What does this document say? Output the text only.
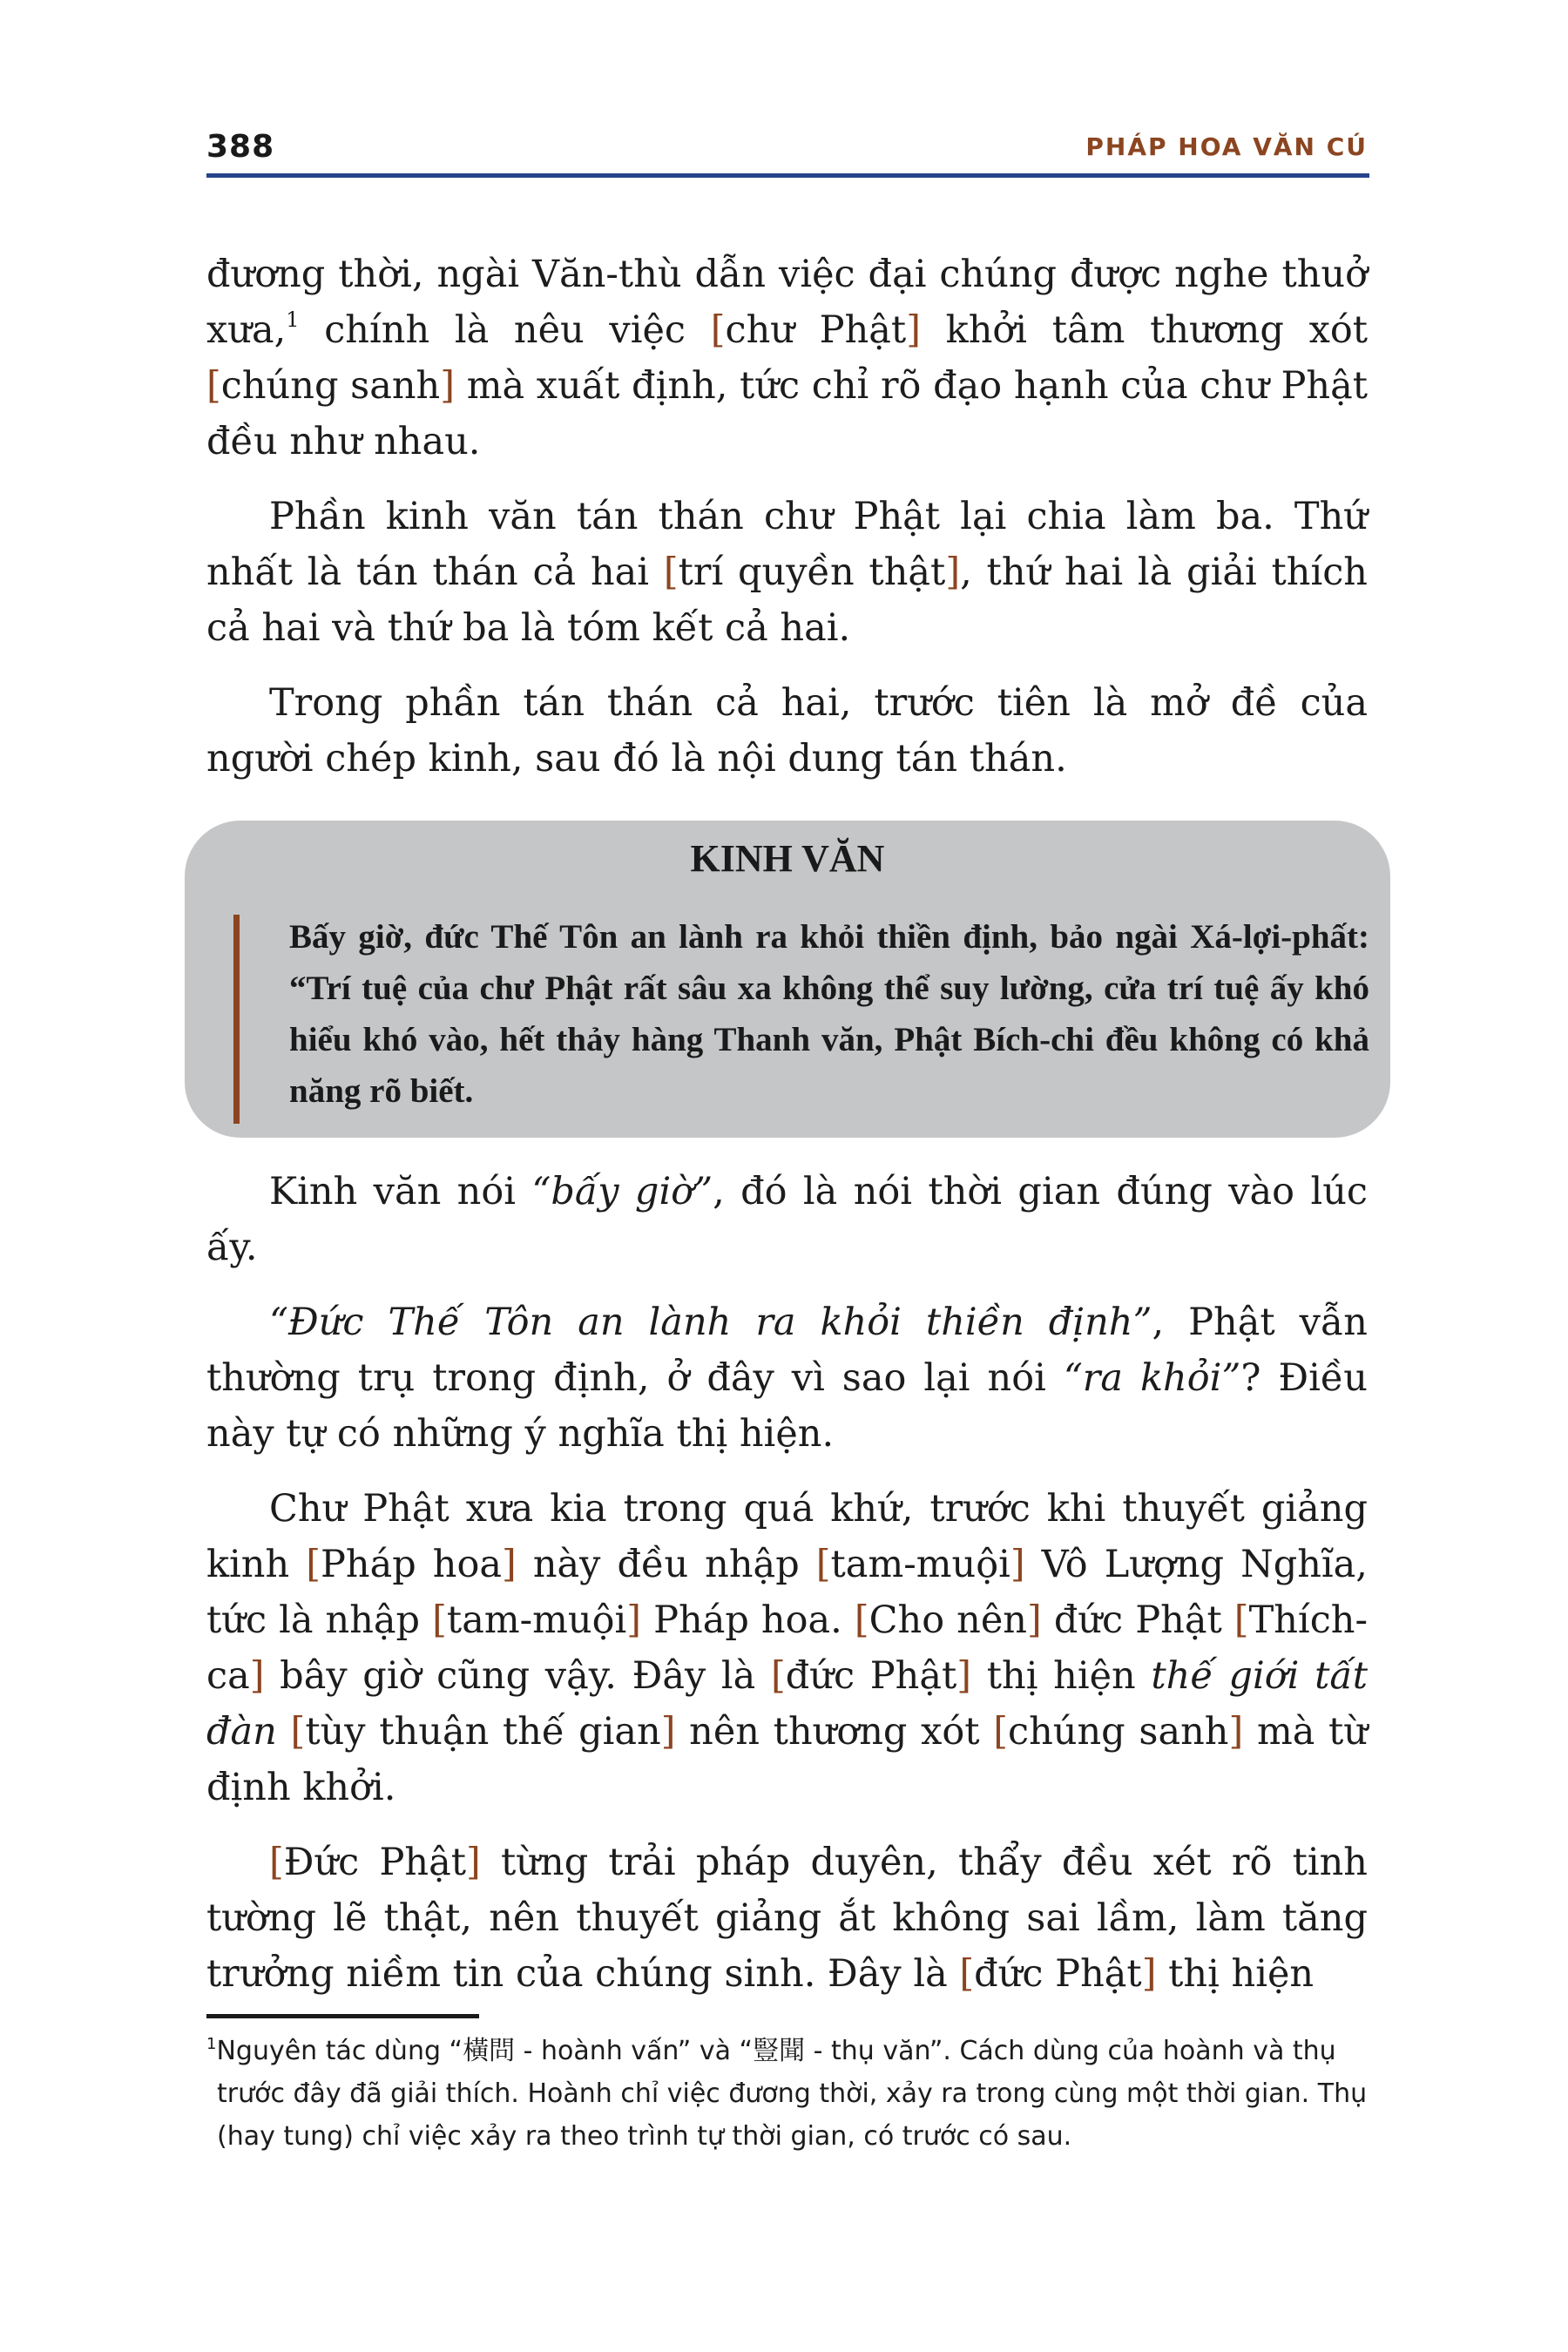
388	PHÁP HOA VĂN CÚ

đương thời, ngài Văn-thù dẫn việc đại chúng được nghe thuở xưa,$^1$ chính là nêu việc [chư Phật] khởi tâm thương xót [chúng sanh] mà xuất định, tức chỉ rõ đạo hạnh của chư Phật đều như nhau.

Phần kinh văn tán thán chư Phật lại chia làm ba. Thứ nhất là tán thán cả hai [trí quyền thật], thứ hai là giải thích cả hai và thứ ba là tóm kết cả hai.

Trong phần tán thán cả hai, trước tiên là mở đề của người chép kinh, sau đó là nội dung tán thán.

KINH VĂN
Bấy giờ, đức Thế Tôn an lành ra khỏi thiền định, bảo ngài Xá-lợi-phất: “Trí tuệ của chư Phật rất sâu xa không thể suy lường, cửa trí tuệ ấy khó hiểu khó vào, hết thảy hàng Thanh văn, Phật Bích-chi đều không có khả năng rõ biết.

Kinh văn nói “bấy giờ”, đó là nói thời gian đúng vào lúc ấy.

“Đức Thế Tôn an lành ra khỏi thiền định”, Phật vẫn thường trụ trong định, ở đây vì sao lại nói “ra khỏi”? Điều này tự có những ý nghĩa thị hiện.

Chư Phật xưa kia trong quá khứ, trước khi thuyết giảng kinh [Pháp hoa] này đều nhập [tam-muội] Vô Lượng Nghĩa, tức là nhập [tam-muội] Pháp hoa. [Cho nên] đức Phật [Thích-ca] bây giờ cũng vậy. Đây là [đức Phật] thị hiện thế giới tất đàn [tùy thuận thế gian] nên thương xót [chúng sanh] mà từ định khởi.

[Đức Phật] từng trải pháp duyên, thẩy đều xét rõ tinh tường lẽ thật, nên thuyết giảng ắt không sai lầm, làm tăng trưởng niềm tin của chúng sinh. Đây là [đức Phật] thị hiện

$^1$Nguyên tác dùng “橫問 - hoành vấn” và “豎聞 - thụ văn”. Cách dùng của hoành và thụ trước đây đã giải thích. Hoành chỉ việc đương thời, xảy ra trong cùng một thời gian. Thụ (hay tung) chỉ việc xảy ra theo trình tự thời gian, có trước có sau.
